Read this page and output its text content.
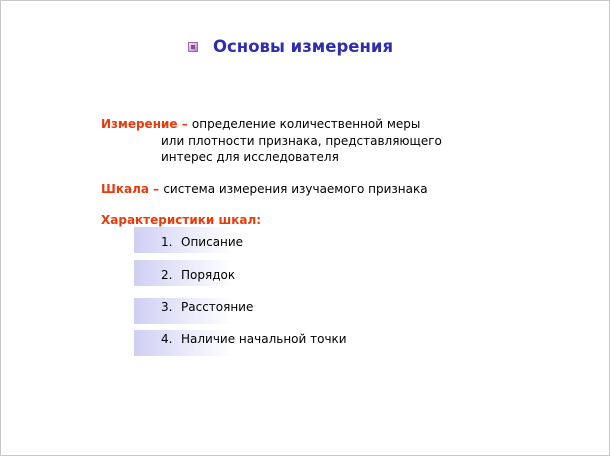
Основы измерения
Измерение – определение количественной меры
или плотности признака, представляющего
интерес для исследователя
Шкала – система измерения изучаемого признака
Характеристики шкал:
1. Описание
2. Порядок
3. Расстояние
4. Наличие начальной точки
